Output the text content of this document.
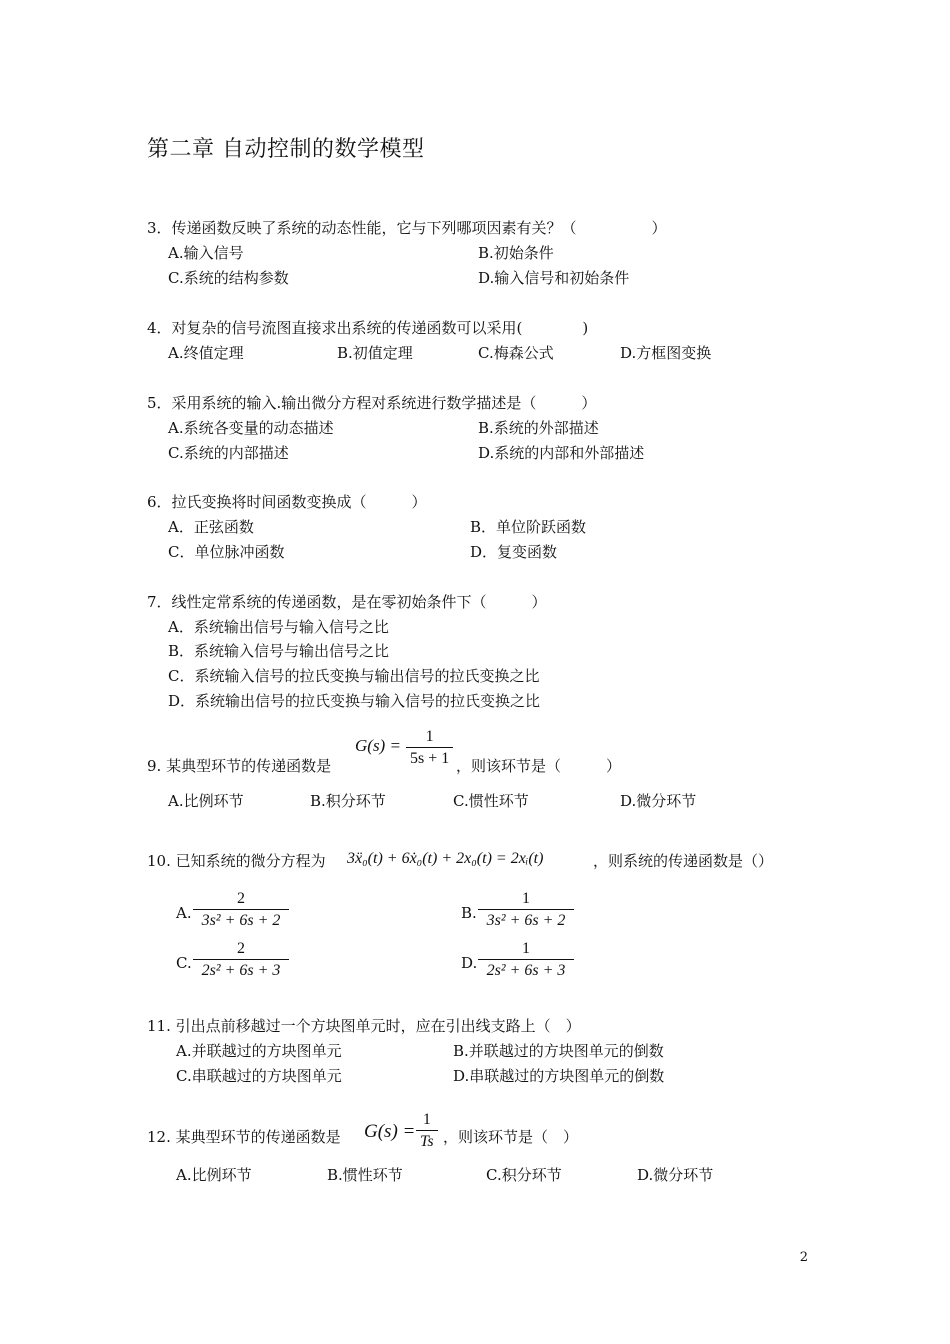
第二章 自动控制的数学模型
3．传递函数反映了系统的动态性能，它与下列哪项因素有关？（　　　　　）
A.输入信号	B.初始条件
C.系统的结构参数	D.输入信号和初始条件
4．对复杂的信号流图直接求出系统的传递函数可以采用(　　　　)
A.终值定理	B.初值定理	C.梅森公式	D.方框图变换
5．采用系统的输入.输出微分方程对系统进行数学描述是（　　　）
A.系统各变量的动态描述	B.系统的外部描述
C.系统的内部描述	D.系统的内部和外部描述
6．拉氏变换将时间函数变换成（　　　）
A．正弦函数	B．单位阶跃函数
C．单位脉冲函数	D．复变函数
7．线性定常系统的传递函数，是在零初始条件下（　　　）
A．系统输出信号与输入信号之比
B．系统输入信号与输出信号之比
C．系统输入信号的拉氏变换与输出信号的拉氏变换之比
D．系统输出信号的拉氏变换与输入信号的拉氏变换之比
9. 某典型环节的传递函数是
G(s) =	1
5s + 1 ，则该环节是（　　　）
A.比例环节	B.积分环节	C.惯性环节	D.微分环节
10. 已知系统的微分方程为 3ẍ₀(t) + 6ẋ₀(t) + 2x₀(t) = 2xᵢ(t)	，则系统的传递函数是（）
A.
2
3s² + 6s + 2	B.
1
3s² + 6s + 2
C.
2
2s² + 6s + 3	D.
1
2s² + 6s + 3
11. 引出点前移越过一个方块图单元时，应在引出线支路上（　）
A.并联越过的方块图单元	B.并联越过的方块图单元的倒数
C.串联越过的方块图单元	D.串联越过的方块图单元的倒数
12. 某典型环节的传递函数是 G(s) =
1
Ts ，则该环节是（　）
A.比例环节	B.惯性环节	C.积分环节	D.微分环节
2
